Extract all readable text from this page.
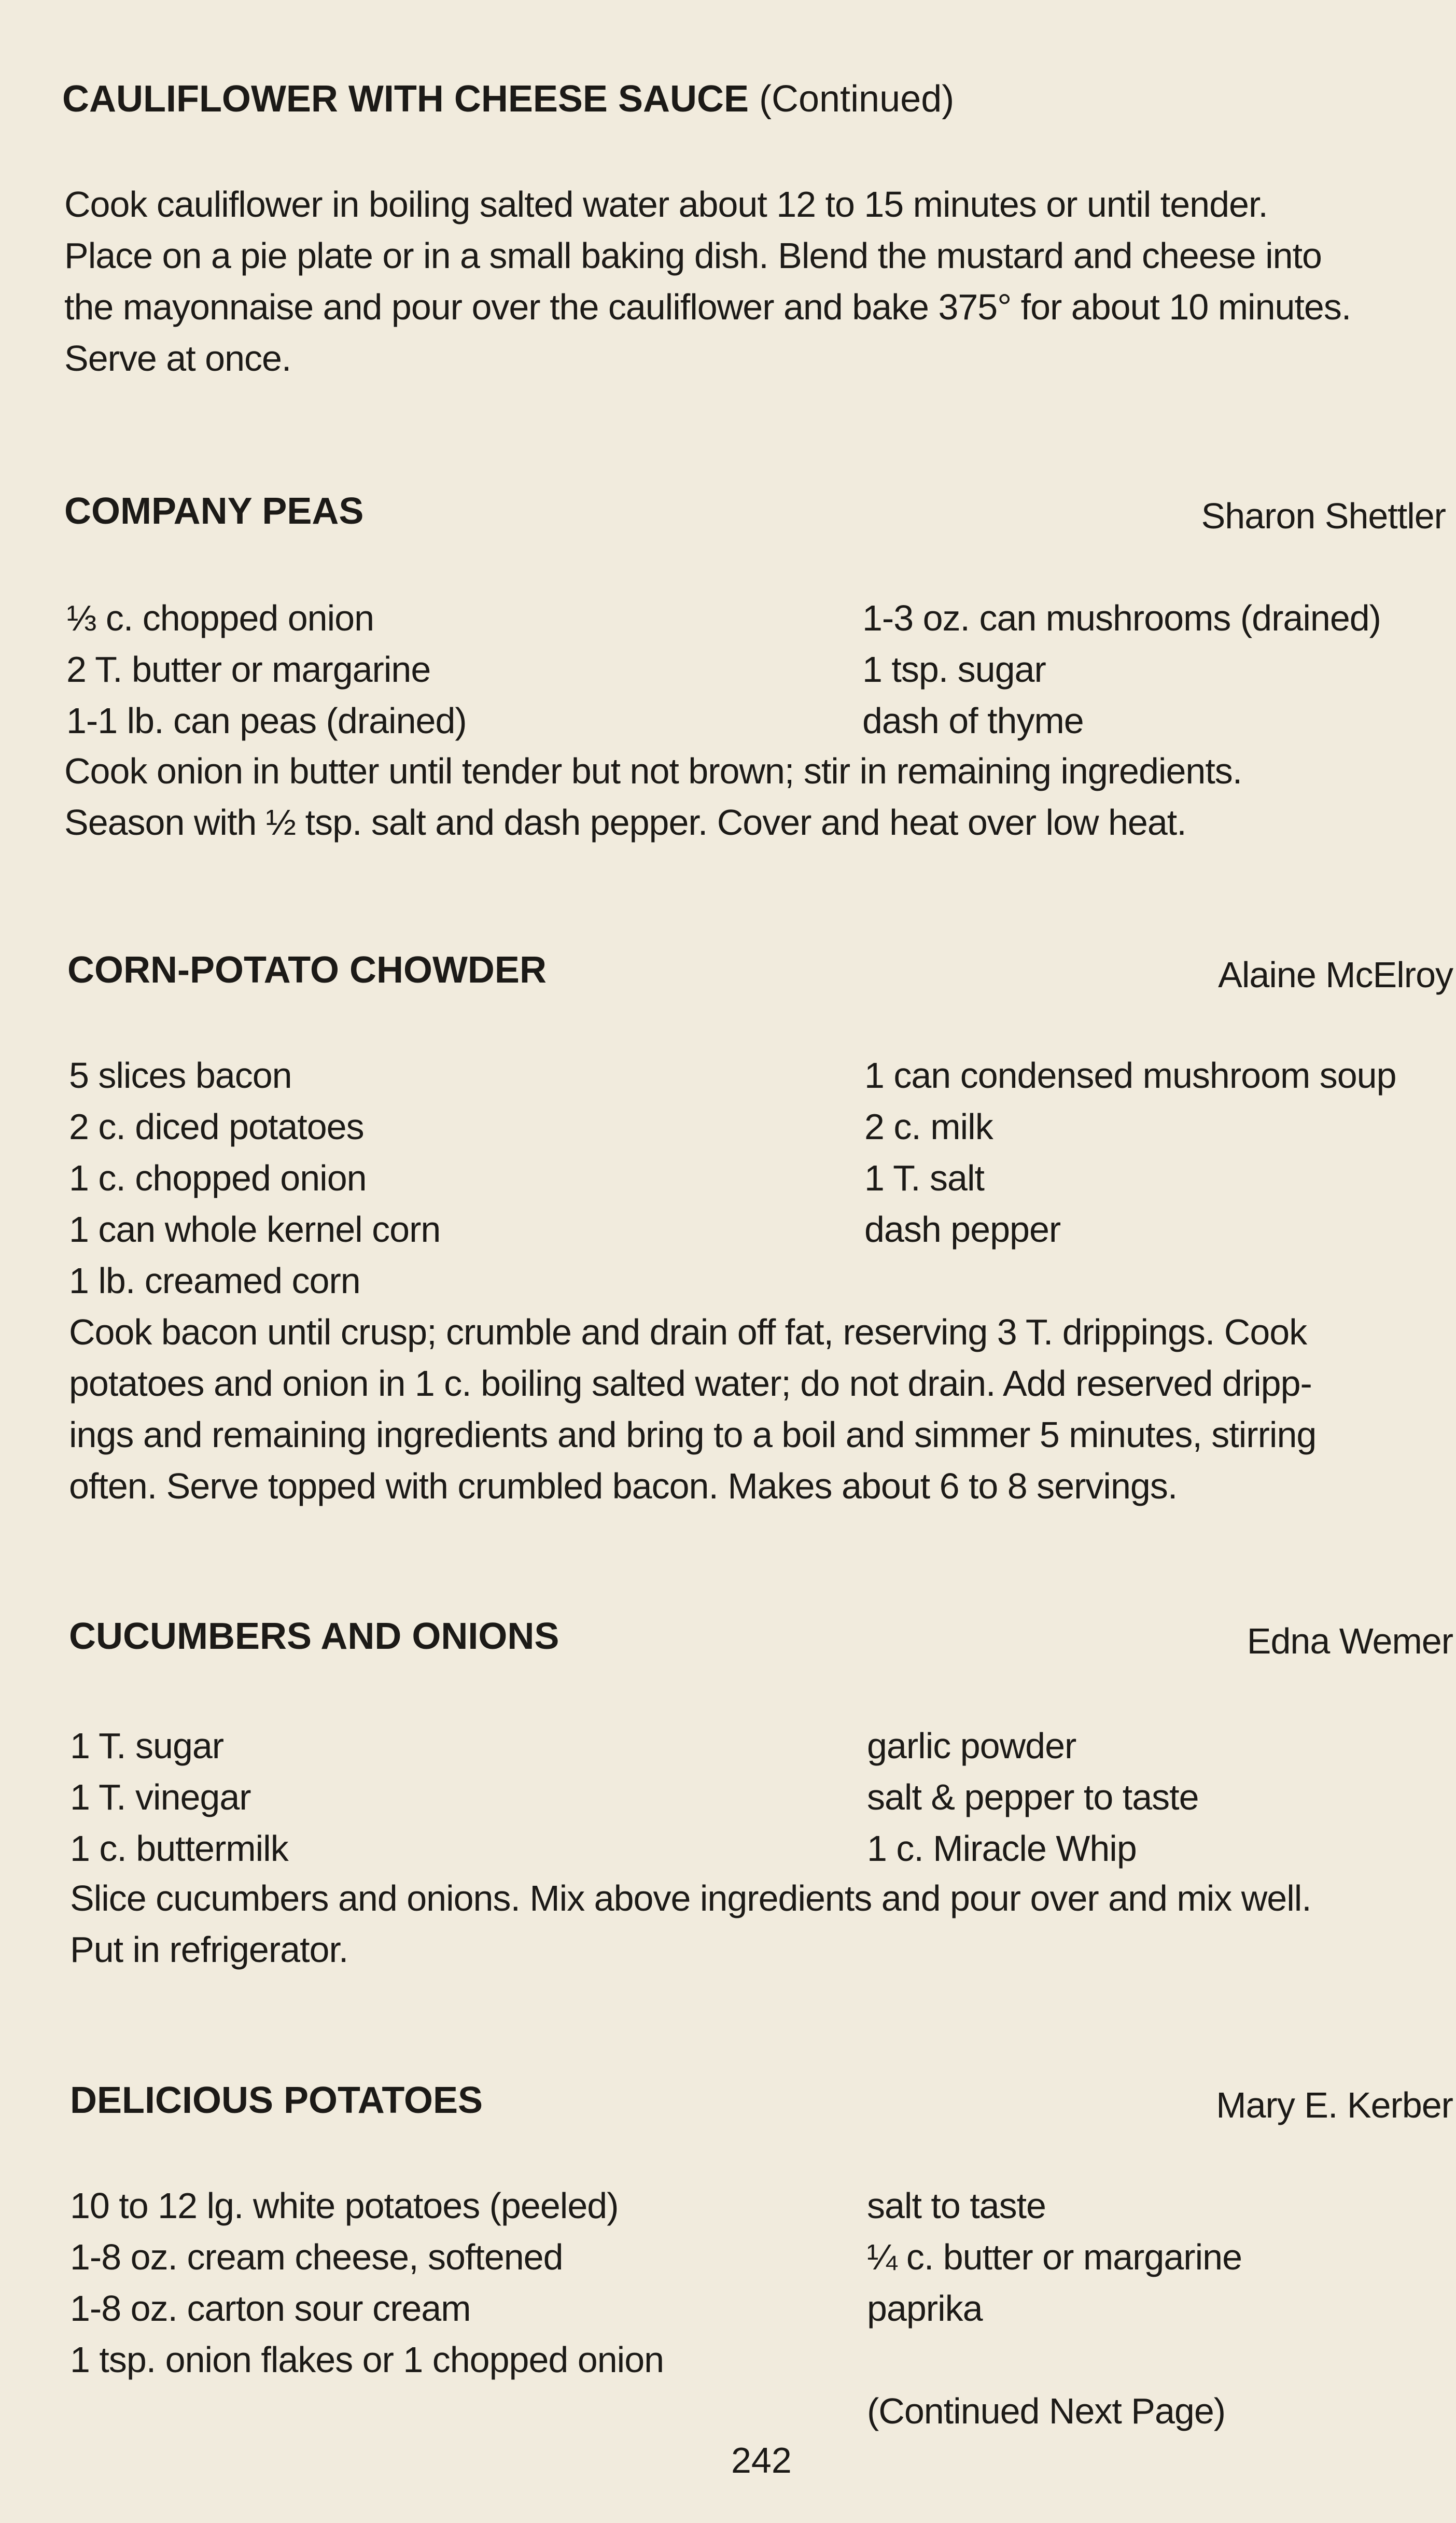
CAULIFLOWER WITH CHEESE SAUCE (Continued)

Cook cauliflower in boiling salted water about 12 to 15 minutes or until tender.

Place on a pie plate or in a small baking dish. Blend the mustard and cheese into

the mayonnaise and pour over the cauliflower and bake 375° for about 10 minutes.

Serve at once.

COMPANY PEAS	Sharon Shettler
⅓ c. chopped onion
2 T. butter or margarine
1-1 lb. can peas (drained)
1-3 oz. can mushrooms (drained)
1 tsp. sugar
dash of thyme

Cook onion in butter until tender but not brown; stir in remaining ingredients.

Season with ½ tsp. salt and dash pepper. Cover and heat over low heat.

CORN-POTATO CHOWDER	Alaine McElroy
5 slices bacon
2 c. diced potatoes
1 c. chopped onion
1 can whole kernel corn
1 lb. creamed corn
1 can condensed mushroom soup
2 c. milk
1 T. salt
dash pepper

Cook bacon until crusp; crumble and drain off fat, reserving 3 T. drippings. Cook

potatoes and onion in 1 c. boiling salted water; do not drain. Add reserved dripp-

ings and remaining ingredients and bring to a boil and simmer 5 minutes, stirring

often. Serve topped with crumbled bacon. Makes about 6 to 8 servings.

CUCUMBERS AND ONIONS	Edna Wemer
1 T. sugar
1 T. vinegar
1 c. buttermilk
garlic powder
salt & pepper to taste
1 c. Miracle Whip

Slice cucumbers and onions. Mix above ingredients and pour over and mix well.

Put in refrigerator.

DELICIOUS POTATOES	Mary E. Kerber
10 to 12 lg. white potatoes (peeled)
1-8 oz. cream cheese, softened
1-8 oz. carton sour cream
1 tsp. onion flakes or 1 chopped onion
salt to taste
¼ c. butter or margarine
paprika
(Continued Next Page)
242
